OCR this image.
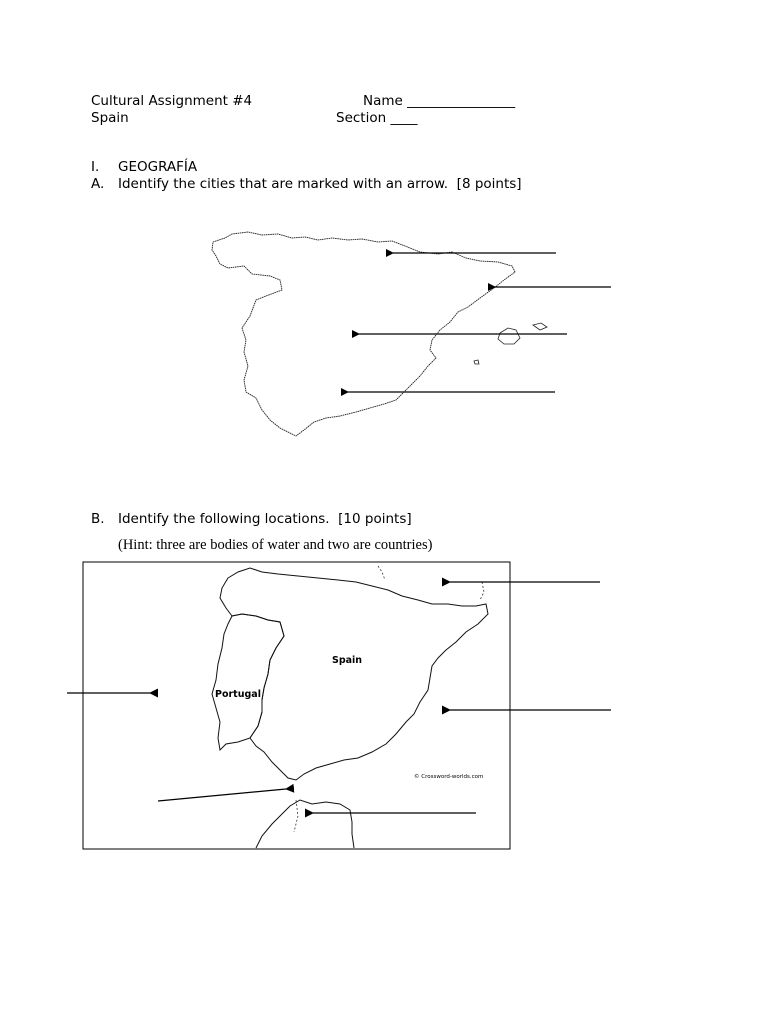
Cultural Assignment #4
Spain
Name ________________
Section ____
I. GEOGRAFÍA
A. Identify the cities that are marked with an arrow.  [8 points]
B. Identify the following locations.  [10 points]
(Hint: three are bodies of water and two are countries)
Spain
Portugal
© Crossword-worlds.com
